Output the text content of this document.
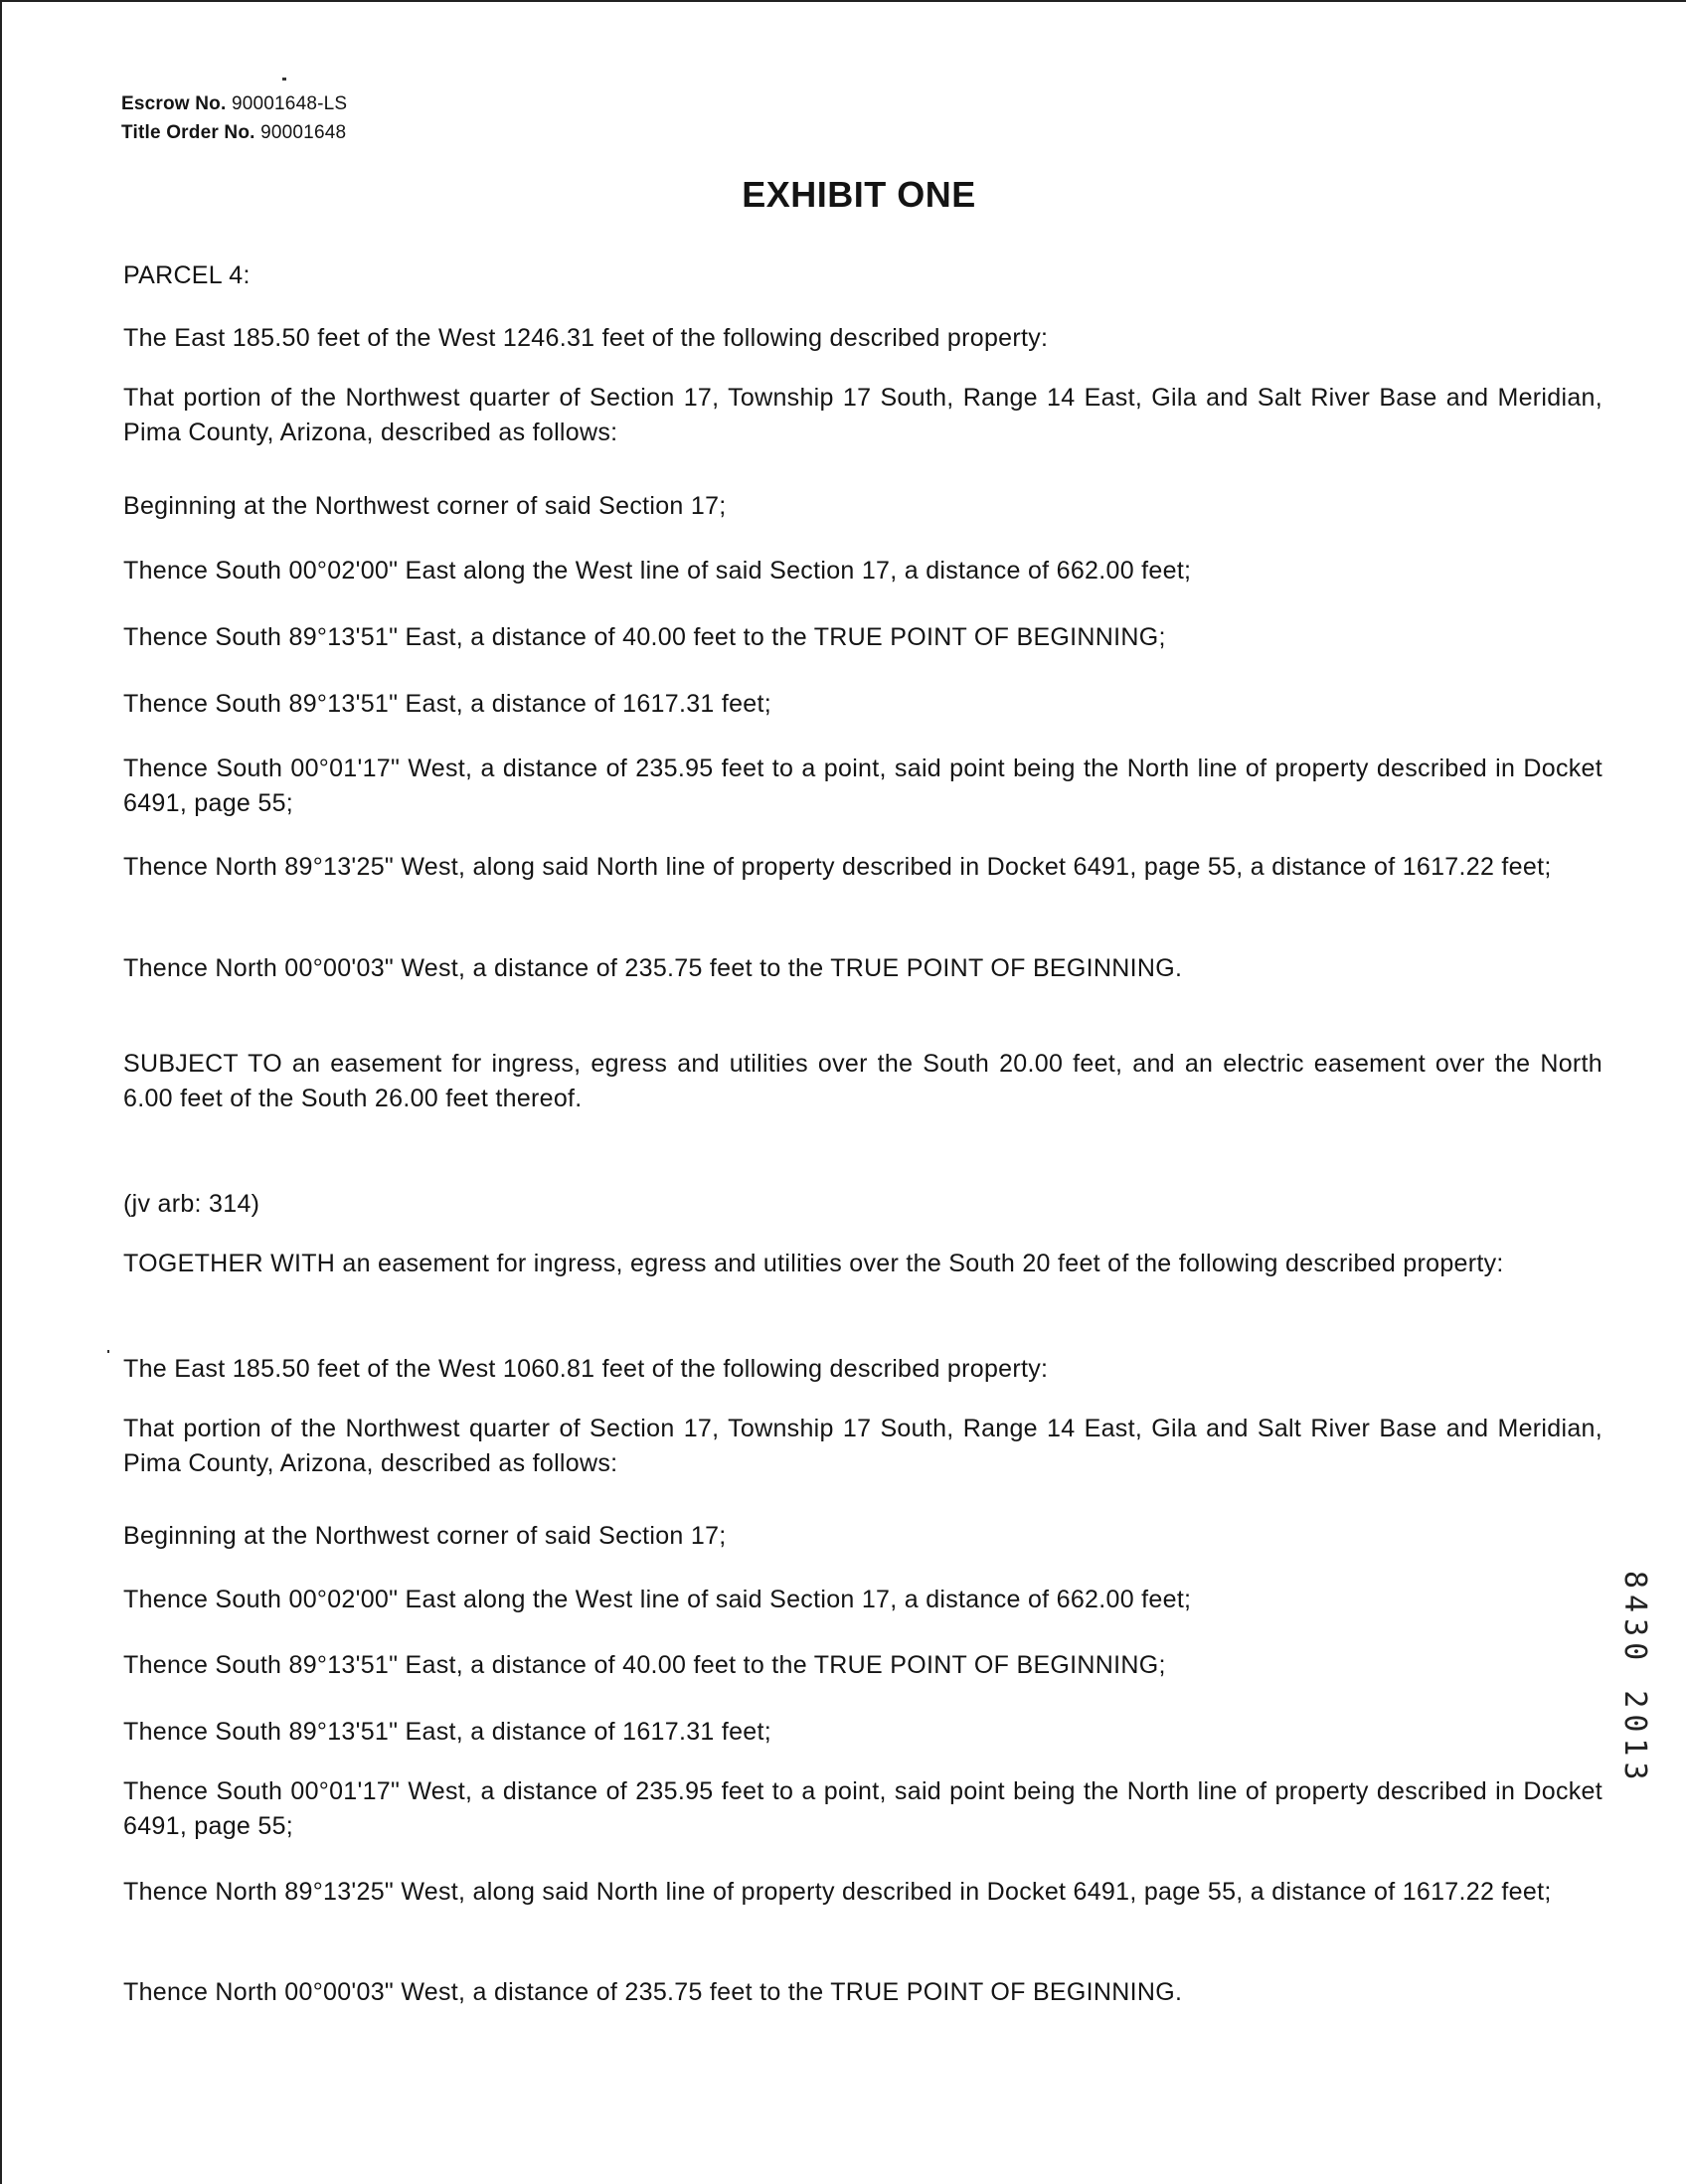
Escrow No. 90001648-LS
Title Order No. 90001648
EXHIBIT ONE
PARCEL 4:
The East 185.50 feet of the West 1246.31 feet of the following described property:
That portion of the Northwest quarter of Section 17, Township 17 South, Range 14 East, Gila and Salt River Base and Meridian, Pima County, Arizona, described as follows:
Beginning at the Northwest corner of said Section 17;
Thence South 00°02'00" East along the West line of said Section 17, a distance of 662.00 feet;
Thence South 89°13'51" East, a distance of 40.00 feet to the TRUE POINT OF BEGINNING;
Thence South 89°13'51" East, a distance of 1617.31 feet;
Thence South 00°01'17" West, a distance of 235.95 feet to a point, said point being the North line of property described in Docket 6491, page 55;
Thence North 89°13'25" West, along said North line of property described in Docket 6491, page 55, a distance of 1617.22 feet;
Thence North 00°00'03" West, a distance of 235.75 feet to the TRUE POINT OF BEGINNING.
SUBJECT TO an easement for ingress, egress and utilities over the South 20.00 feet, and an electric easement over the North 6.00 feet of the South 26.00 feet thereof.
(jv arb: 314)
TOGETHER WITH an easement for ingress, egress and utilities over the South 20 feet of the following described property:
The East 185.50 feet of the West 1060.81 feet of the following described property:
That portion of the Northwest quarter of Section 17, Township 17 South, Range 14 East, Gila and Salt River Base and Meridian, Pima County, Arizona, described as follows:
Beginning at the Northwest corner of said Section 17;
Thence South 00°02'00" East along the West line of said Section 17, a distance of 662.00 feet;
Thence South 89°13'51" East, a distance of 40.00 feet to the TRUE POINT OF BEGINNING;
Thence South 89°13'51" East, a distance of 1617.31 feet;
Thence South 00°01'17" West, a distance of 235.95 feet to a point, said point being the North line of property described in Docket 6491, page 55;
Thence North 89°13'25" West, along said North line of property described in Docket 6491, page 55, a distance of 1617.22 feet;
Thence North 00°00'03" West, a distance of 235.75 feet to the TRUE POINT OF BEGINNING.
8430 2013
